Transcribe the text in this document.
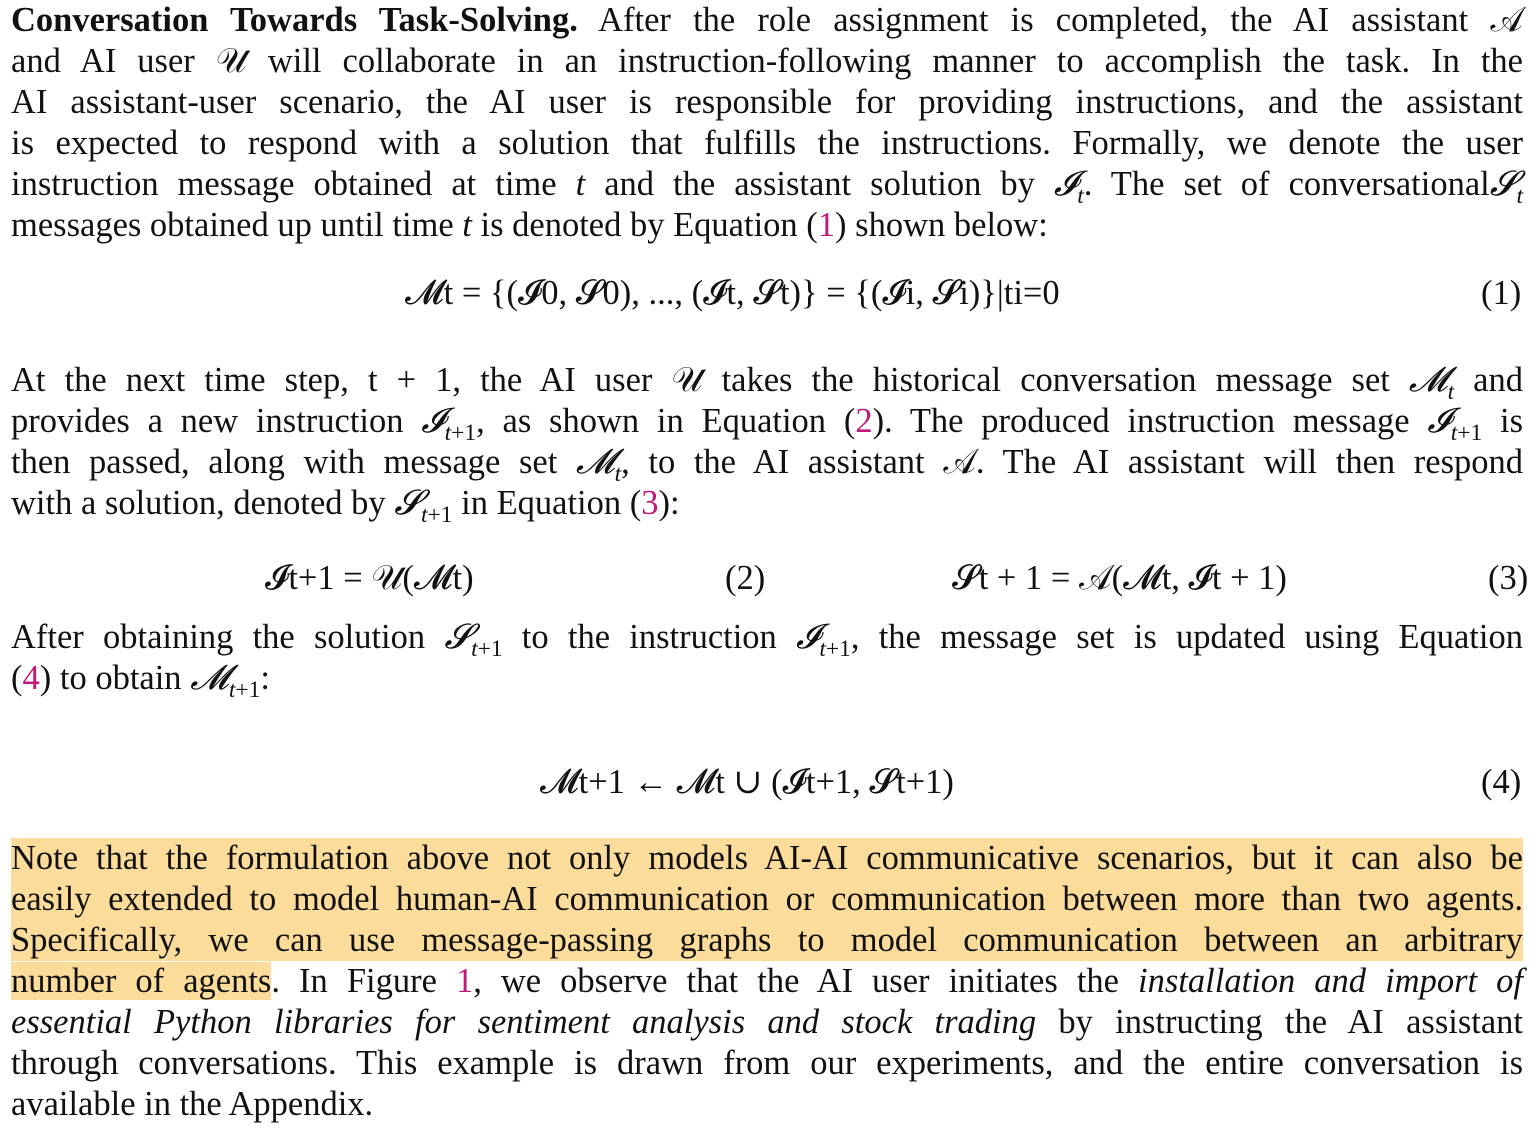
Conversation Towards Task-Solving. After the role assignment is completed, the AI assistant 𝒜
and AI user 𝒰 will collaborate in an instruction-following manner to accomplish the task. In the
AI assistant-user scenario, the AI user is responsible for providing instructions, and the assistant
is expected to respond with a solution that fulfills the instructions. Formally, we denote the user
instruction message obtained at time t and the assistant solution by 𝓘$_t$. The set of conversational𝓢$_t$
messages obtained up until time t is denoted by Equation (1) shown below:
𝓜t = {(𝓘0, 𝓢0), ..., (𝓘t, 𝓢t)} = {(𝓘i, 𝓢i)}|ti=0	(1)
At the next time step, t + 1, the AI user 𝒰 takes the historical conversation message set 𝓜$_t$ and
provides a new instruction 𝓘$_{t+1}$, as shown in Equation (2). The produced instruction message 𝓘$_{t+1}$ is
then passed, along with message set 𝓜$_t$, to the AI assistant 𝒜. The AI assistant will then respond
with a solution, denoted by 𝓢$_{t+1}$ in Equation (3):
𝓘t+1 = 𝒰(𝓜t)	(2)	𝓢t + 1 = 𝒜(𝓜t, 𝓘t + 1)	(3)
After obtaining the solution 𝓢$_{t+1}$ to the instruction 𝓘$_{t+1}$, the message set is updated using Equation
(4) to obtain 𝓜$_{t+1}$:
𝓜t+1 ← 𝓜t ∪ (𝓘t+1, 𝓢t+1)	(4)
Note that the formulation above not only models AI-AI communicative scenarios, but it can also be
easily extended to model human-AI communication or communication between more than two agents.
Specifically, we can use message-passing graphs to model communication between an arbitrary
number of agents. In Figure 1, we observe that the AI user initiates the installation and import of
essential Python libraries for sentiment analysis and stock trading by instructing the AI assistant
through conversations. This example is drawn from our experiments, and the entire conversation is
available in the Appendix.
